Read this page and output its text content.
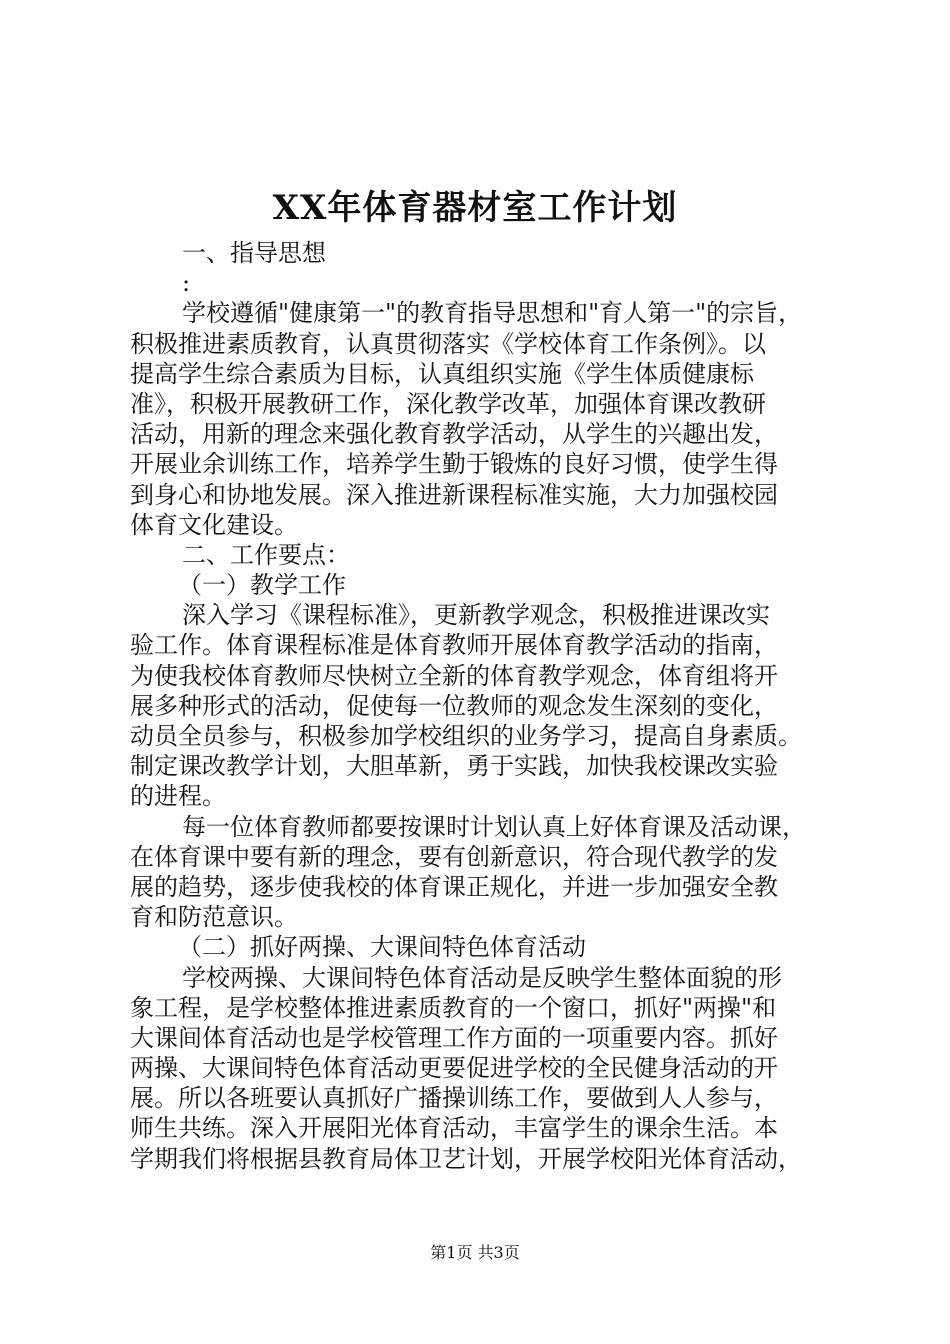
XX年体育器材室工作计划
一、指导思想
:
学校遵循"健康第一"的教育指导思想和"育人第一"的宗旨，
积极推进素质教育，认真贯彻落实《学校体育工作条例》。以
提高学生综合素质为目标，认真组织实施《学生体质健康标
准》，积极开展教研工作，深化教学改革，加强体育课改教研
活动，用新的理念来强化教育教学活动，从学生的兴趣出发，
开展业余训练工作，培养学生勤于锻炼的良好习惯，使学生得
到身心和协地发展。深入推进新课程标准实施，大力加强校园
体育文化建设。
二、工作要点：
（一）教学工作
深入学习《课程标准》，更新教学观念，积极推进课改实
验工作。体育课程标准是体育教师开展体育教学活动的指南，
为使我校体育教师尽快树立全新的体育教学观念，体育组将开
展多种形式的活动，促使每一位教师的观念发生深刻的变化，
动员全员参与，积极参加学校组织的业务学习，提高自身素质。
制定课改教学计划，大胆革新，勇于实践，加快我校课改实验
的进程。
每一位体育教师都要按课时计划认真上好体育课及活动课，
在体育课中要有新的理念，要有创新意识，符合现代教学的发
展的趋势，逐步使我校的体育课正规化，并进一步加强安全教
育和防范意识。
（二）抓好两操、大课间特色体育活动
学校两操、大课间特色体育活动是反映学生整体面貌的形
象工程，是学校整体推进素质教育的一个窗口，抓好"两操"和
大课间体育活动也是学校管理工作方面的一项重要内容。抓好
两操、大课间特色体育活动更要促进学校的全民健身活动的开
展。所以各班要认真抓好广播操训练工作，要做到人人参与，
师生共练。深入开展阳光体育活动，丰富学生的课余生活。本
学期我们将根据县教育局体卫艺计划，开展学校阳光体育活动，
第1页 共3页
